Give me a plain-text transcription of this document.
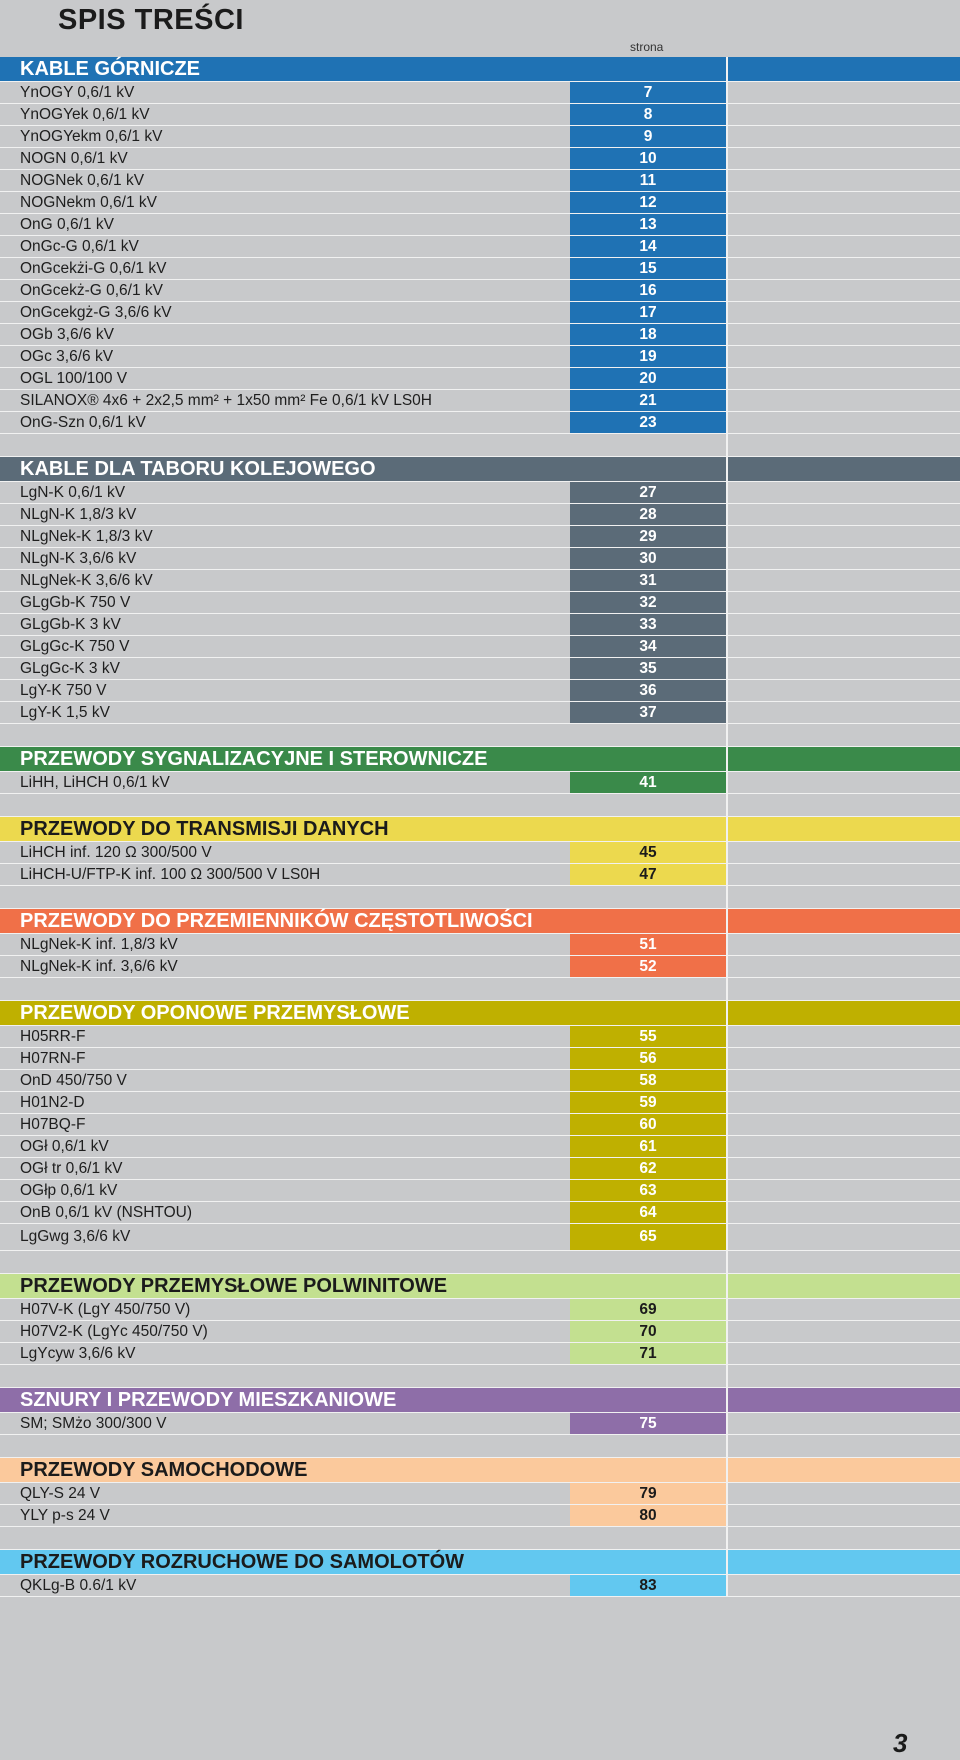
SPIS TREŚCI
strona
KABLE GÓRNICZE
YnOGY 0,6/1 kV	7
YnOGYek 0,6/1 kV	8
YnOGYekm 0,6/1 kV	9
NOGN 0,6/1 kV	10
NOGNek 0,6/1 kV	11
NOGNekm 0,6/1 kV	12
OnG 0,6/1 kV	13
OnGc-G 0,6/1 kV	14
OnGcekżi-G 0,6/1 kV	15
OnGcekż-G 0,6/1 kV	16
OnGcekgż-G 3,6/6 kV	17
OGb 3,6/6 kV	18
OGc 3,6/6 kV	19
OGL 100/100 V	20
SILANOX® 4x6 + 2x2,5 mm² + 1x50 mm² Fe 0,6/1 kV LS0H	21
OnG-Szn 0,6/1 kV	23
KABLE DLA TABORU KOLEJOWEGO
LgN-K 0,6/1 kV	27
NLgN-K 1,8/3 kV	28
NLgNek-K 1,8/3 kV	29
NLgN-K 3,6/6 kV	30
NLgNek-K 3,6/6 kV	31
GLgGb-K 750 V	32
GLgGb-K 3 kV	33
GLgGc-K 750 V	34
GLgGc-K 3 kV	35
LgY-K 750 V	36
LgY-K 1,5 kV	37
PRZEWODY SYGNALIZACYJNE I STEROWNICZE
LiHH, LiHCH 0,6/1 kV	41
PRZEWODY DO TRANSMISJI DANYCH
LiHCH inf. 120 Ω 300/500 V	45
LiHCH-U/FTP-K inf. 100 Ω 300/500 V LS0H	47
PRZEWODY DO PRZEMIENNIKÓW CZĘSTOTLIWOŚCI
NLgNek-K inf. 1,8/3 kV	51
NLgNek-K inf. 3,6/6 kV	52
PRZEWODY OPONOWE PRZEMYSŁOWE
H05RR-F	55
H07RN-F	56
OnD 450/750 V	58
H01N2-D	59
H07BQ-F	60
OGł 0,6/1 kV	61
OGł tr 0,6/1 kV	62
OGłp 0,6/1 kV	63
OnB 0,6/1 kV (NSHTOU)	64
LgGwg 3,6/6 kV	65
PRZEWODY PRZEMYSŁOWE POLWINITOWE
H07V-K (LgY 450/750 V)	69
H07V2-K (LgYc 450/750 V)	70
LgYcyw 3,6/6 kV	71
SZNURY I PRZEWODY MIESZKANIOWE
SM; SMżo 300/300 V	75
PRZEWODY SAMOCHODOWE
QLY-S 24 V	79
YLY p-s 24 V	80
PRZEWODY ROZRUCHOWE DO SAMOLOTÓW
QKLg-B 0.6/1 kV	83
3
